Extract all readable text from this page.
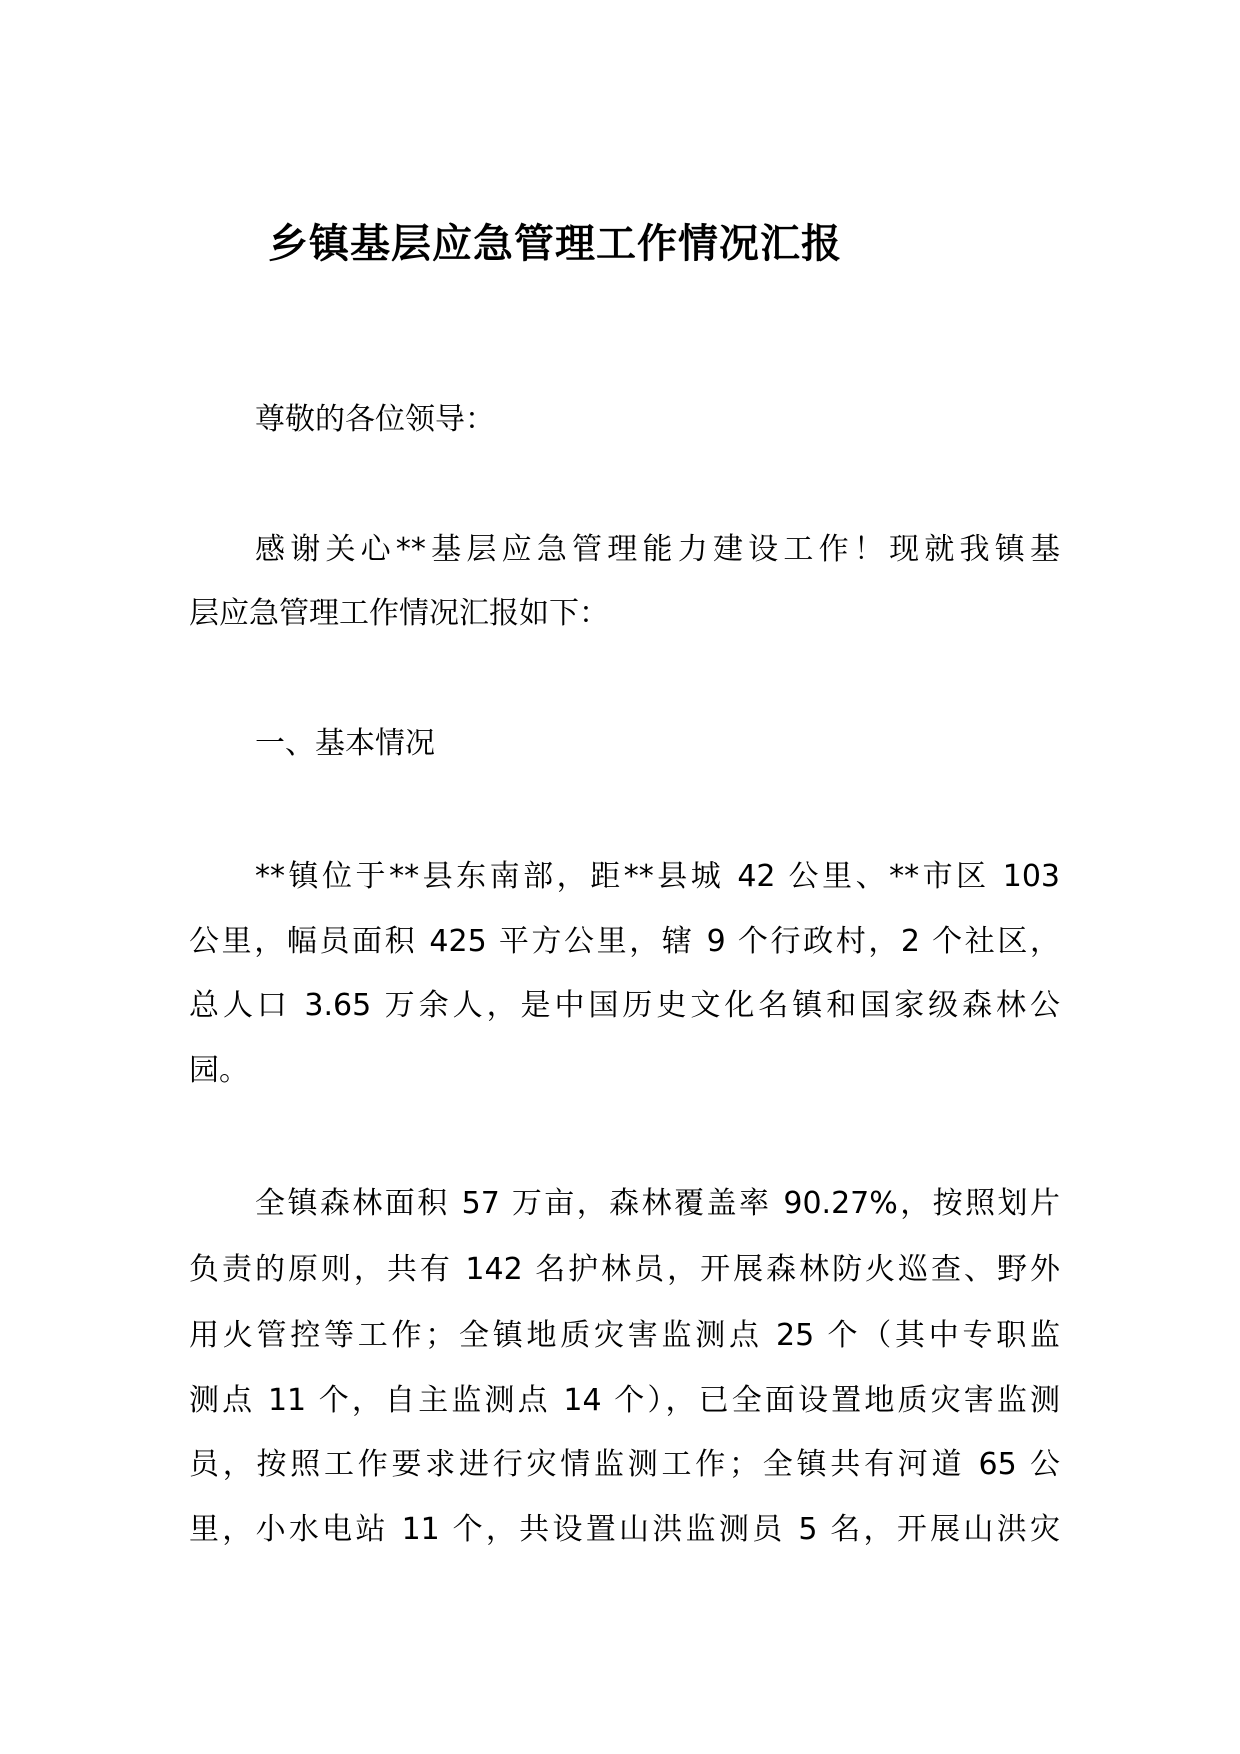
乡镇基层应急管理工作情况汇报
尊敬的各位领导：
感谢关心**基层应急管理能力建设工作！现就我镇基
层应急管理工作情况汇报如下：
一、基本情况
**镇位于**县东南部，距**县城 42 公里、**市区 103
公里，幅员面积 425 平方公里，辖 9 个行政村，2 个社区，
总人口 3.65 万余人，是中国历史文化名镇和国家级森林公
园。
全镇森林面积 57 万亩，森林覆盖率 90.27%，按照划片
负责的原则，共有 142 名护林员，开展森林防火巡查、野外
用火管控等工作；全镇地质灾害监测点 25 个（其中专职监
测点 11 个，自主监测点 14 个），已全面设置地质灾害监测
员，按照工作要求进行灾情监测工作；全镇共有河道 65 公
里，小水电站 11 个，共设置山洪监测员 5 名，开展山洪灾
